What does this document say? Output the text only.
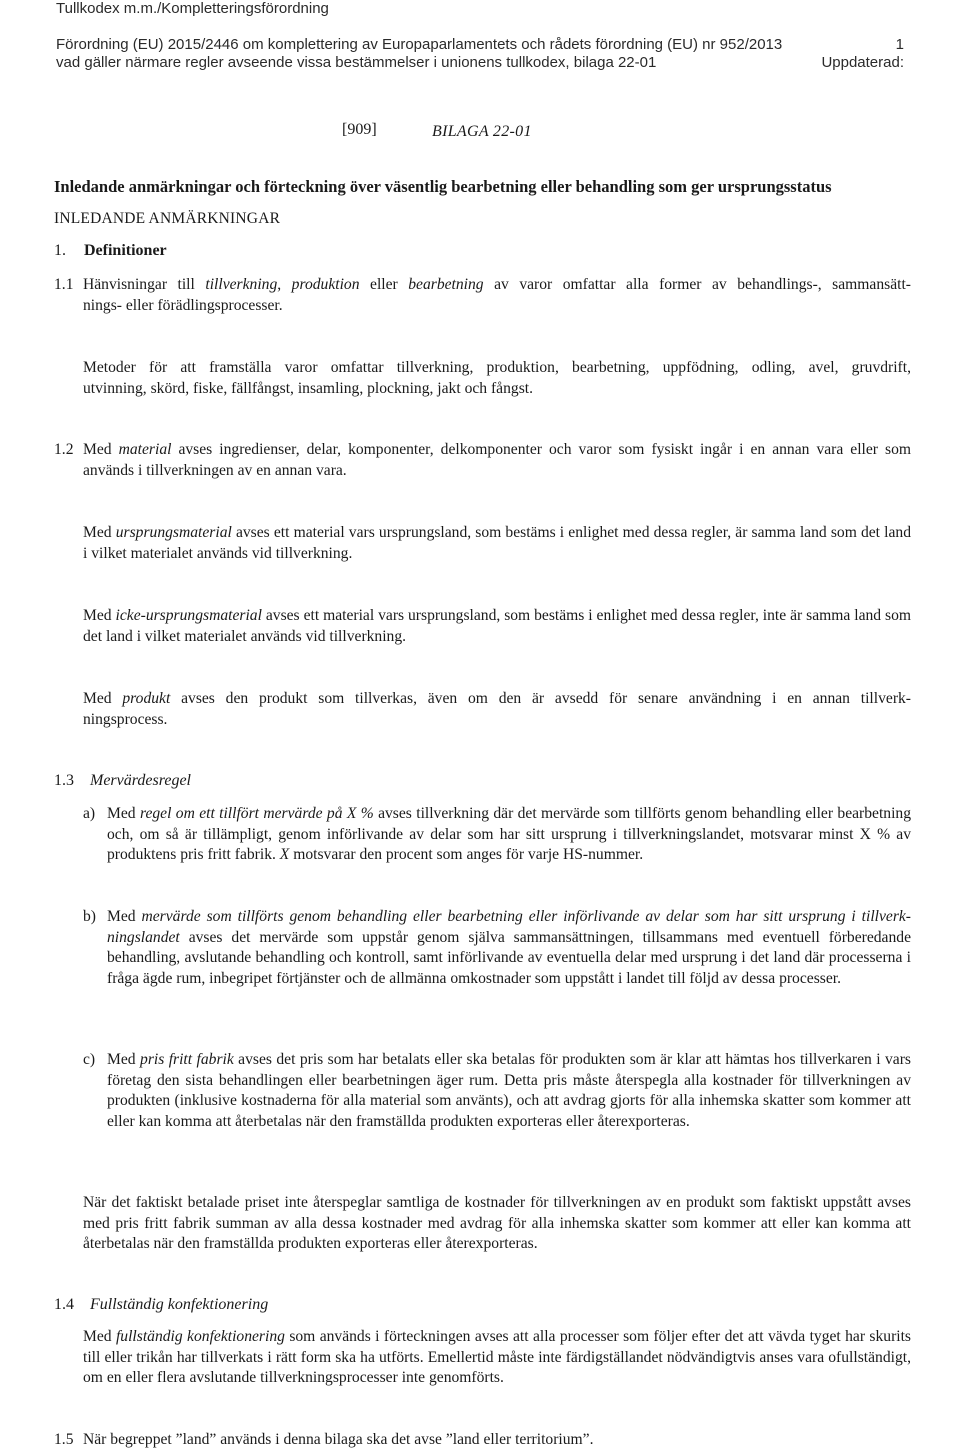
Tullkodex m.m./Kompletteringsförordning
Förordning (EU) 2015/2446 om komplettering av Europaparlamentets och rådets förordning (EU) nr 952/2013
vad gäller närmare regler avseende vissa bestämmelser i unionens tullkodex, bilaga 22-01
1
Uppdaterad:
[909]	BILAGA 22-01
Inledande anmärkningar och förteckning över väsentlig bearbetning eller behandling som ger ursprungsstatus
INLEDANDE ANMÄRKNINGAR
1. Definitioner
1.1 Hänvisningar till tillverkning, produktion eller bearbetning av varor omfattar alla former av behandlings-, sammansätt-
nings- eller förädlingsprocesser.
Metoder för att framställa varor omfattar tillverkning, produktion, bearbetning, uppfödning, odling, avel, gruvdrift,
utvinning, skörd, fiske, fällfångst, insamling, plockning, jakt och fångst.
1.2 Med material avses ingredienser, delar, komponenter, delkomponenter och varor som fysiskt ingår i en annan vara eller som används i tillverkningen av en annan vara.
Med ursprungsmaterial avses ett material vars ursprungsland, som bestäms i enlighet med dessa regler, är samma land som det land i vilket materialet används vid tillverkning.
Med icke-ursprungsmaterial avses ett material vars ursprungsland, som bestäms i enlighet med dessa regler, inte är samma land som det land i vilket materialet används vid tillverkning.
Med produkt avses den produkt som tillverkas, även om den är avsedd för senare användning i en annan tillverk-
ningsprocess.
1.3 Mervärdesregel
a) Med regel om ett tillfört mervärde på X % avses tillverkning där det mervärde som tillförts genom behandling eller bearbetning och, om så är tillämpligt, genom införlivande av delar som har sitt ursprung i tillverkningslandet, motsvarar minst X % av produktens pris fritt fabrik. X motsvarar den procent som anges för varje HS-nummer.
b) Med mervärde som tillförts genom behandling eller bearbetning eller införlivande av delar som har sitt ursprung i tillverk-
ningslandet avses det mervärde som uppstår genom själva sammansättningen, tillsammans med eventuell förberedande behandling, avslutande behandling och kontroll, samt införlivande av eventuella delar med ursprung i det land där processerna i fråga ägde rum, inbegripet förtjänster och de allmänna omkostnader som uppstått i landet till följd av dessa processer.
c) Med pris fritt fabrik avses det pris som har betalats eller ska betalas för produkten som är klar att hämtas hos tillverkaren i vars företag den sista behandlingen eller bearbetningen äger rum. Detta pris måste återspegla alla kostnader för tillverkningen av produkten (inklusive kostnaderna för alla material som använts), och att avdrag gjorts för alla inhemska skatter som kommer att eller kan komma att återbetalas när den framställda produkten exporteras eller återexporteras.
När det faktiskt betalade priset inte återspeglar samtliga de kostnader för tillverkningen av en produkt som faktiskt uppstått avses med pris fritt fabrik summan av alla dessa kostnader med avdrag för alla inhemska skatter som kommer att eller kan komma att återbetalas när den framställda produkten exporteras eller återexporteras.
1.4 Fullständig konfektionering
Med fullständig konfektionering som används i förteckningen avses att alla processer som följer efter det att vävda tyget har skurits till eller trikån har tillverkats i rätt form ska ha utförts. Emellertid måste inte färdigställandet nödvändigtvis anses vara ofullständigt, om en eller flera avslutande tillverkningsprocesser inte genomförts.
1.5 När begreppet ”land” används i denna bilaga ska det avse ”land eller territorium”.
